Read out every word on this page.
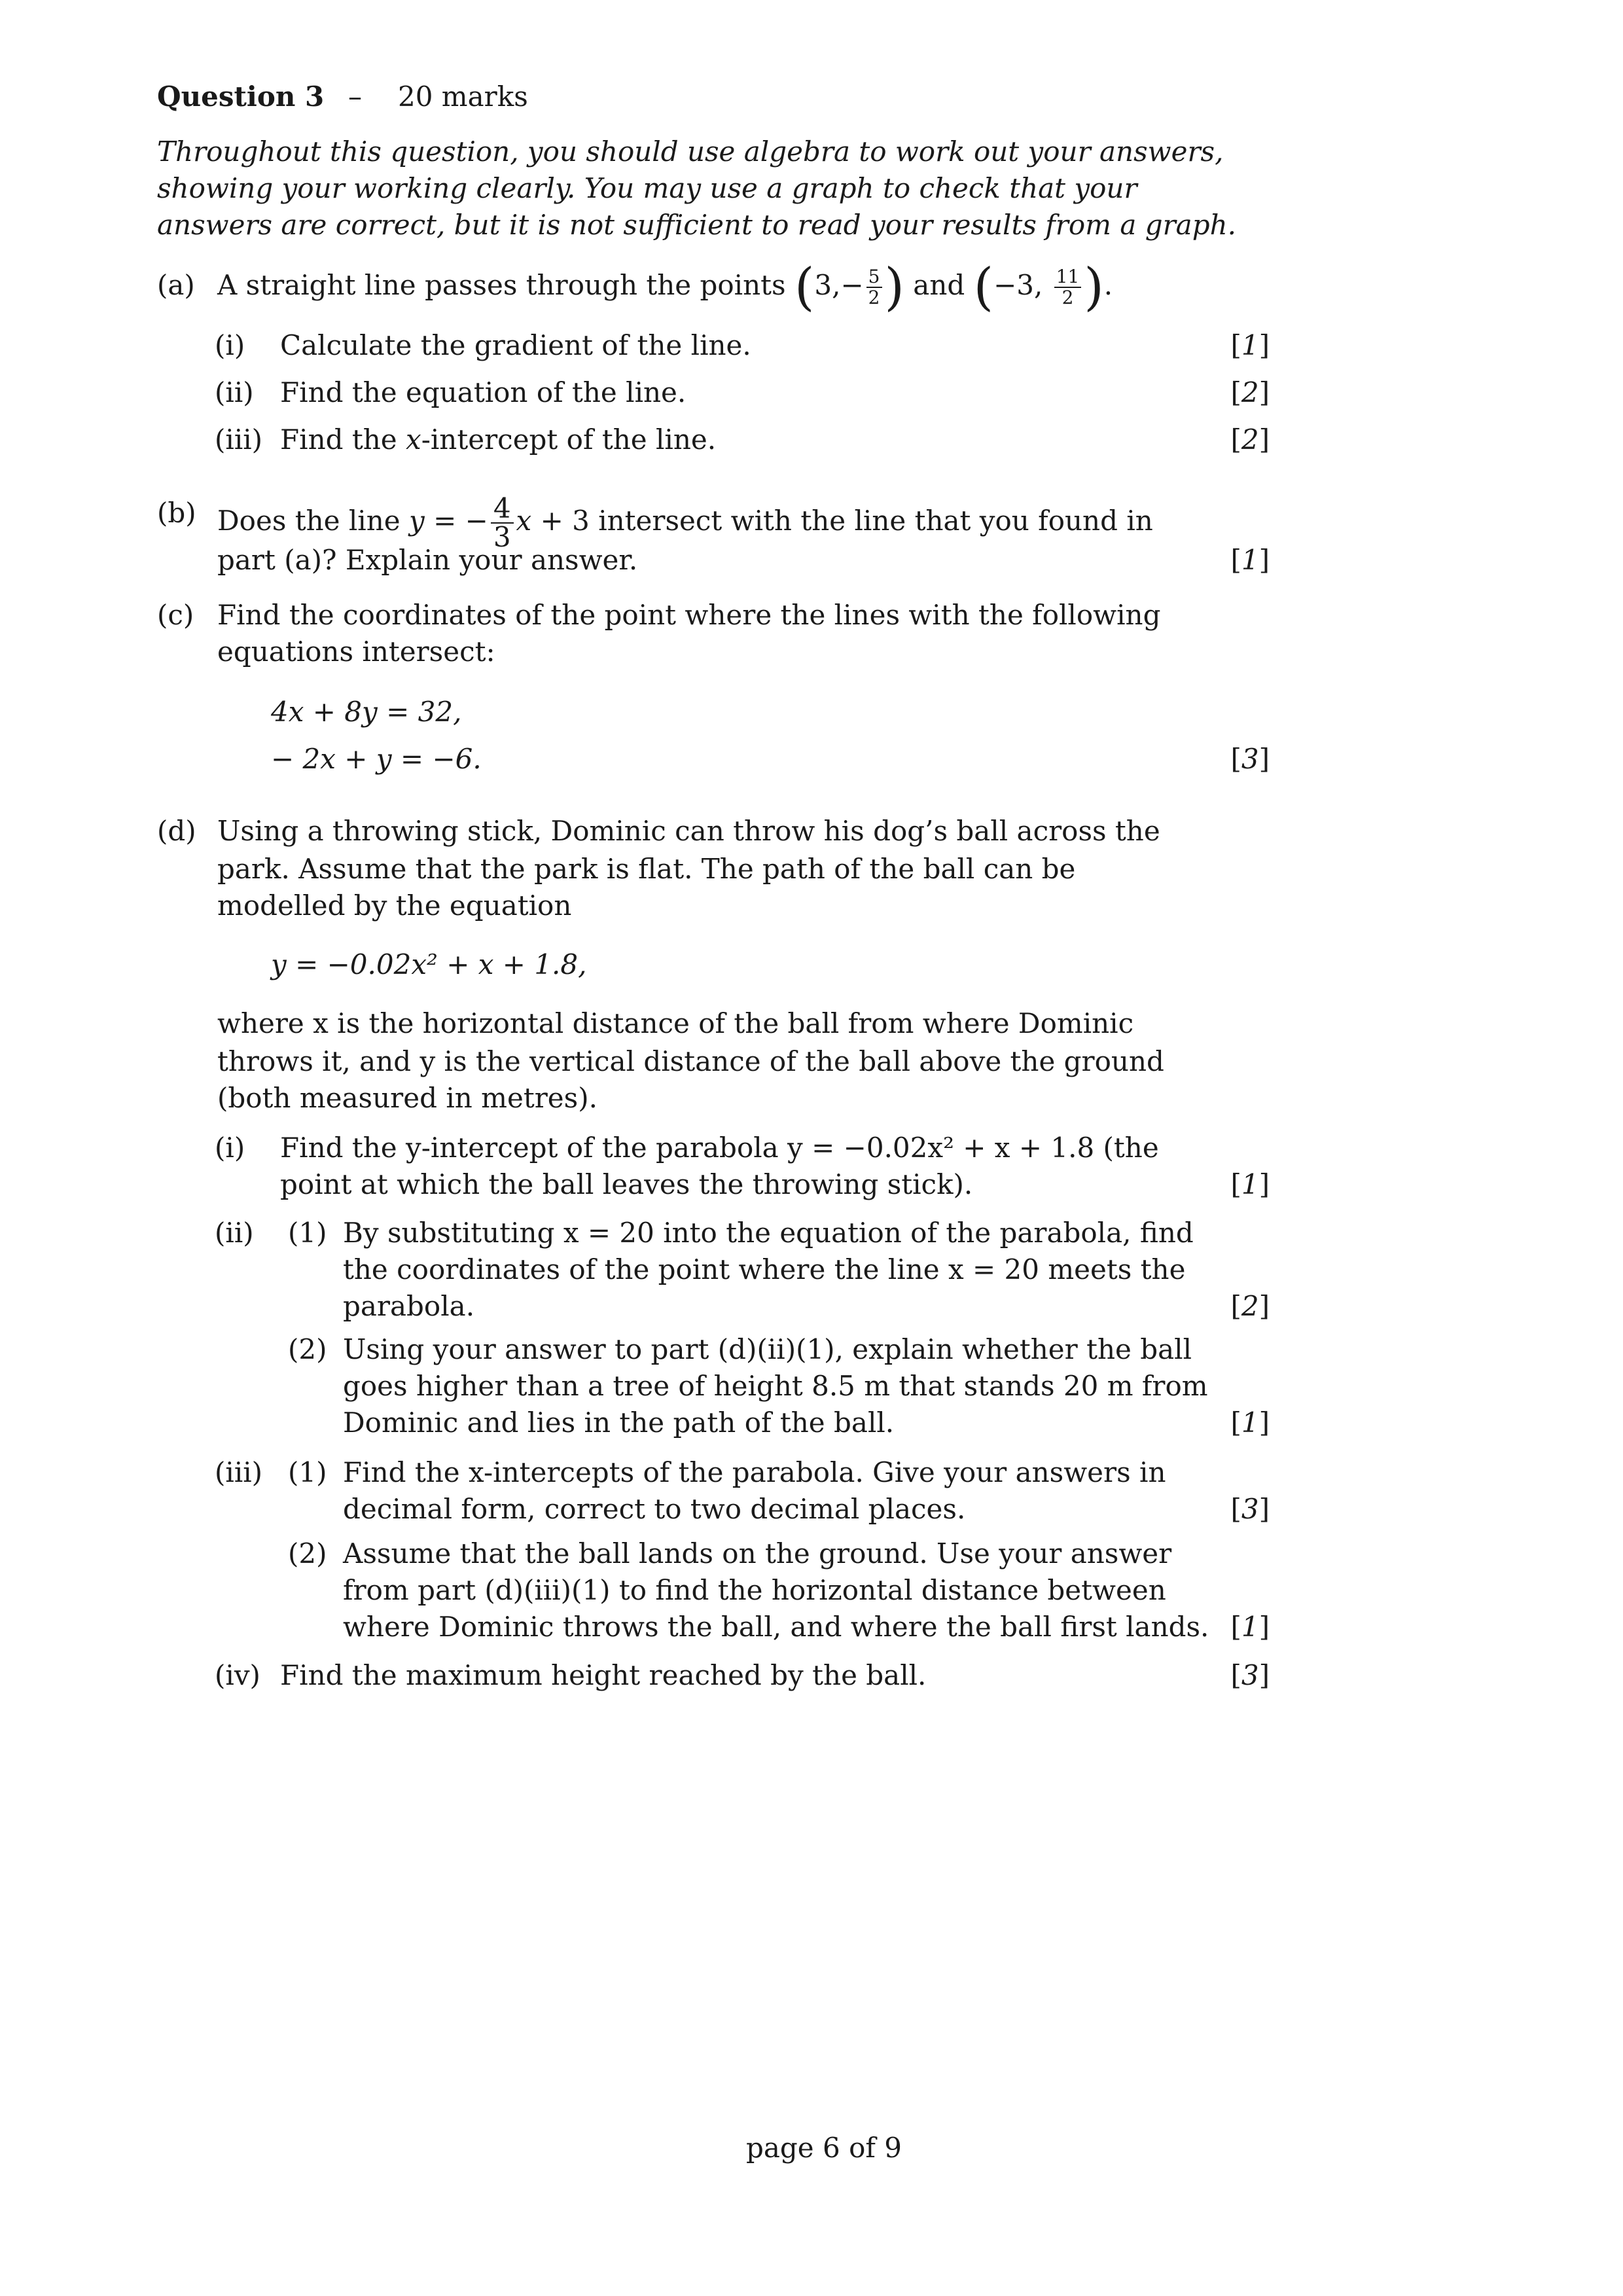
Question 3 – 20 marks
Throughout this question, you should use algebra to work out your answers,
showing your working clearly. You may use a graph to check that your
answers are correct, but it is not sufficient to read your results from a graph.
(a) A straight line passes through the points ($3,- \frac{5}{2}$ ) and (−3, $\frac{11}{2}$ ).
(i) Calculate the gradient of the line.	[1]
(ii) Find the equation of the line.	[2]
(iii) Find the x-intercept of the line.	[2]
(b) Does the line y = − $\frac{4}{3}$ x + 3 intersect with the line that you found in
part (a)? Explain your answer.	[1]
(c) Find the coordinates of the point where the lines with the following
equations intersect:
4x + 8y = 32,
− 2x + y = −6.	[3]
(d) Using a throwing stick, Dominic can throw his dog’s ball across the
park. Assume that the park is flat. The path of the ball can be
modelled by the equation
y = −0.02x² + x + 1.8,
where x is the horizontal distance of the ball from where Dominic
throws it, and y is the vertical distance of the ball above the ground
(both measured in metres).
(i) Find the y-intercept of the parabola y = −0.02x² + x + 1.8 (the
point at which the ball leaves the throwing stick).	[1]
(ii) (1) By substituting x = 20 into the equation of the parabola, find
the coordinates of the point where the line x = 20 meets the
parabola.	[2]
(2) Using your answer to part (d)(ii)(1), explain whether the ball
goes higher than a tree of height 8.5 m that stands 20 m from
Dominic and lies in the path of the ball.	[1]
(iii) (1) Find the x-intercepts of the parabola. Give your answers in
decimal form, correct to two decimal places.	[3]
(2) Assume that the ball lands on the ground. Use your answer
from part (d)(iii)(1) to find the horizontal distance between
where Dominic throws the ball, and where the ball first lands. [1]
(iv) Find the maximum height reached by the ball.	[3]
page 6 of 9
